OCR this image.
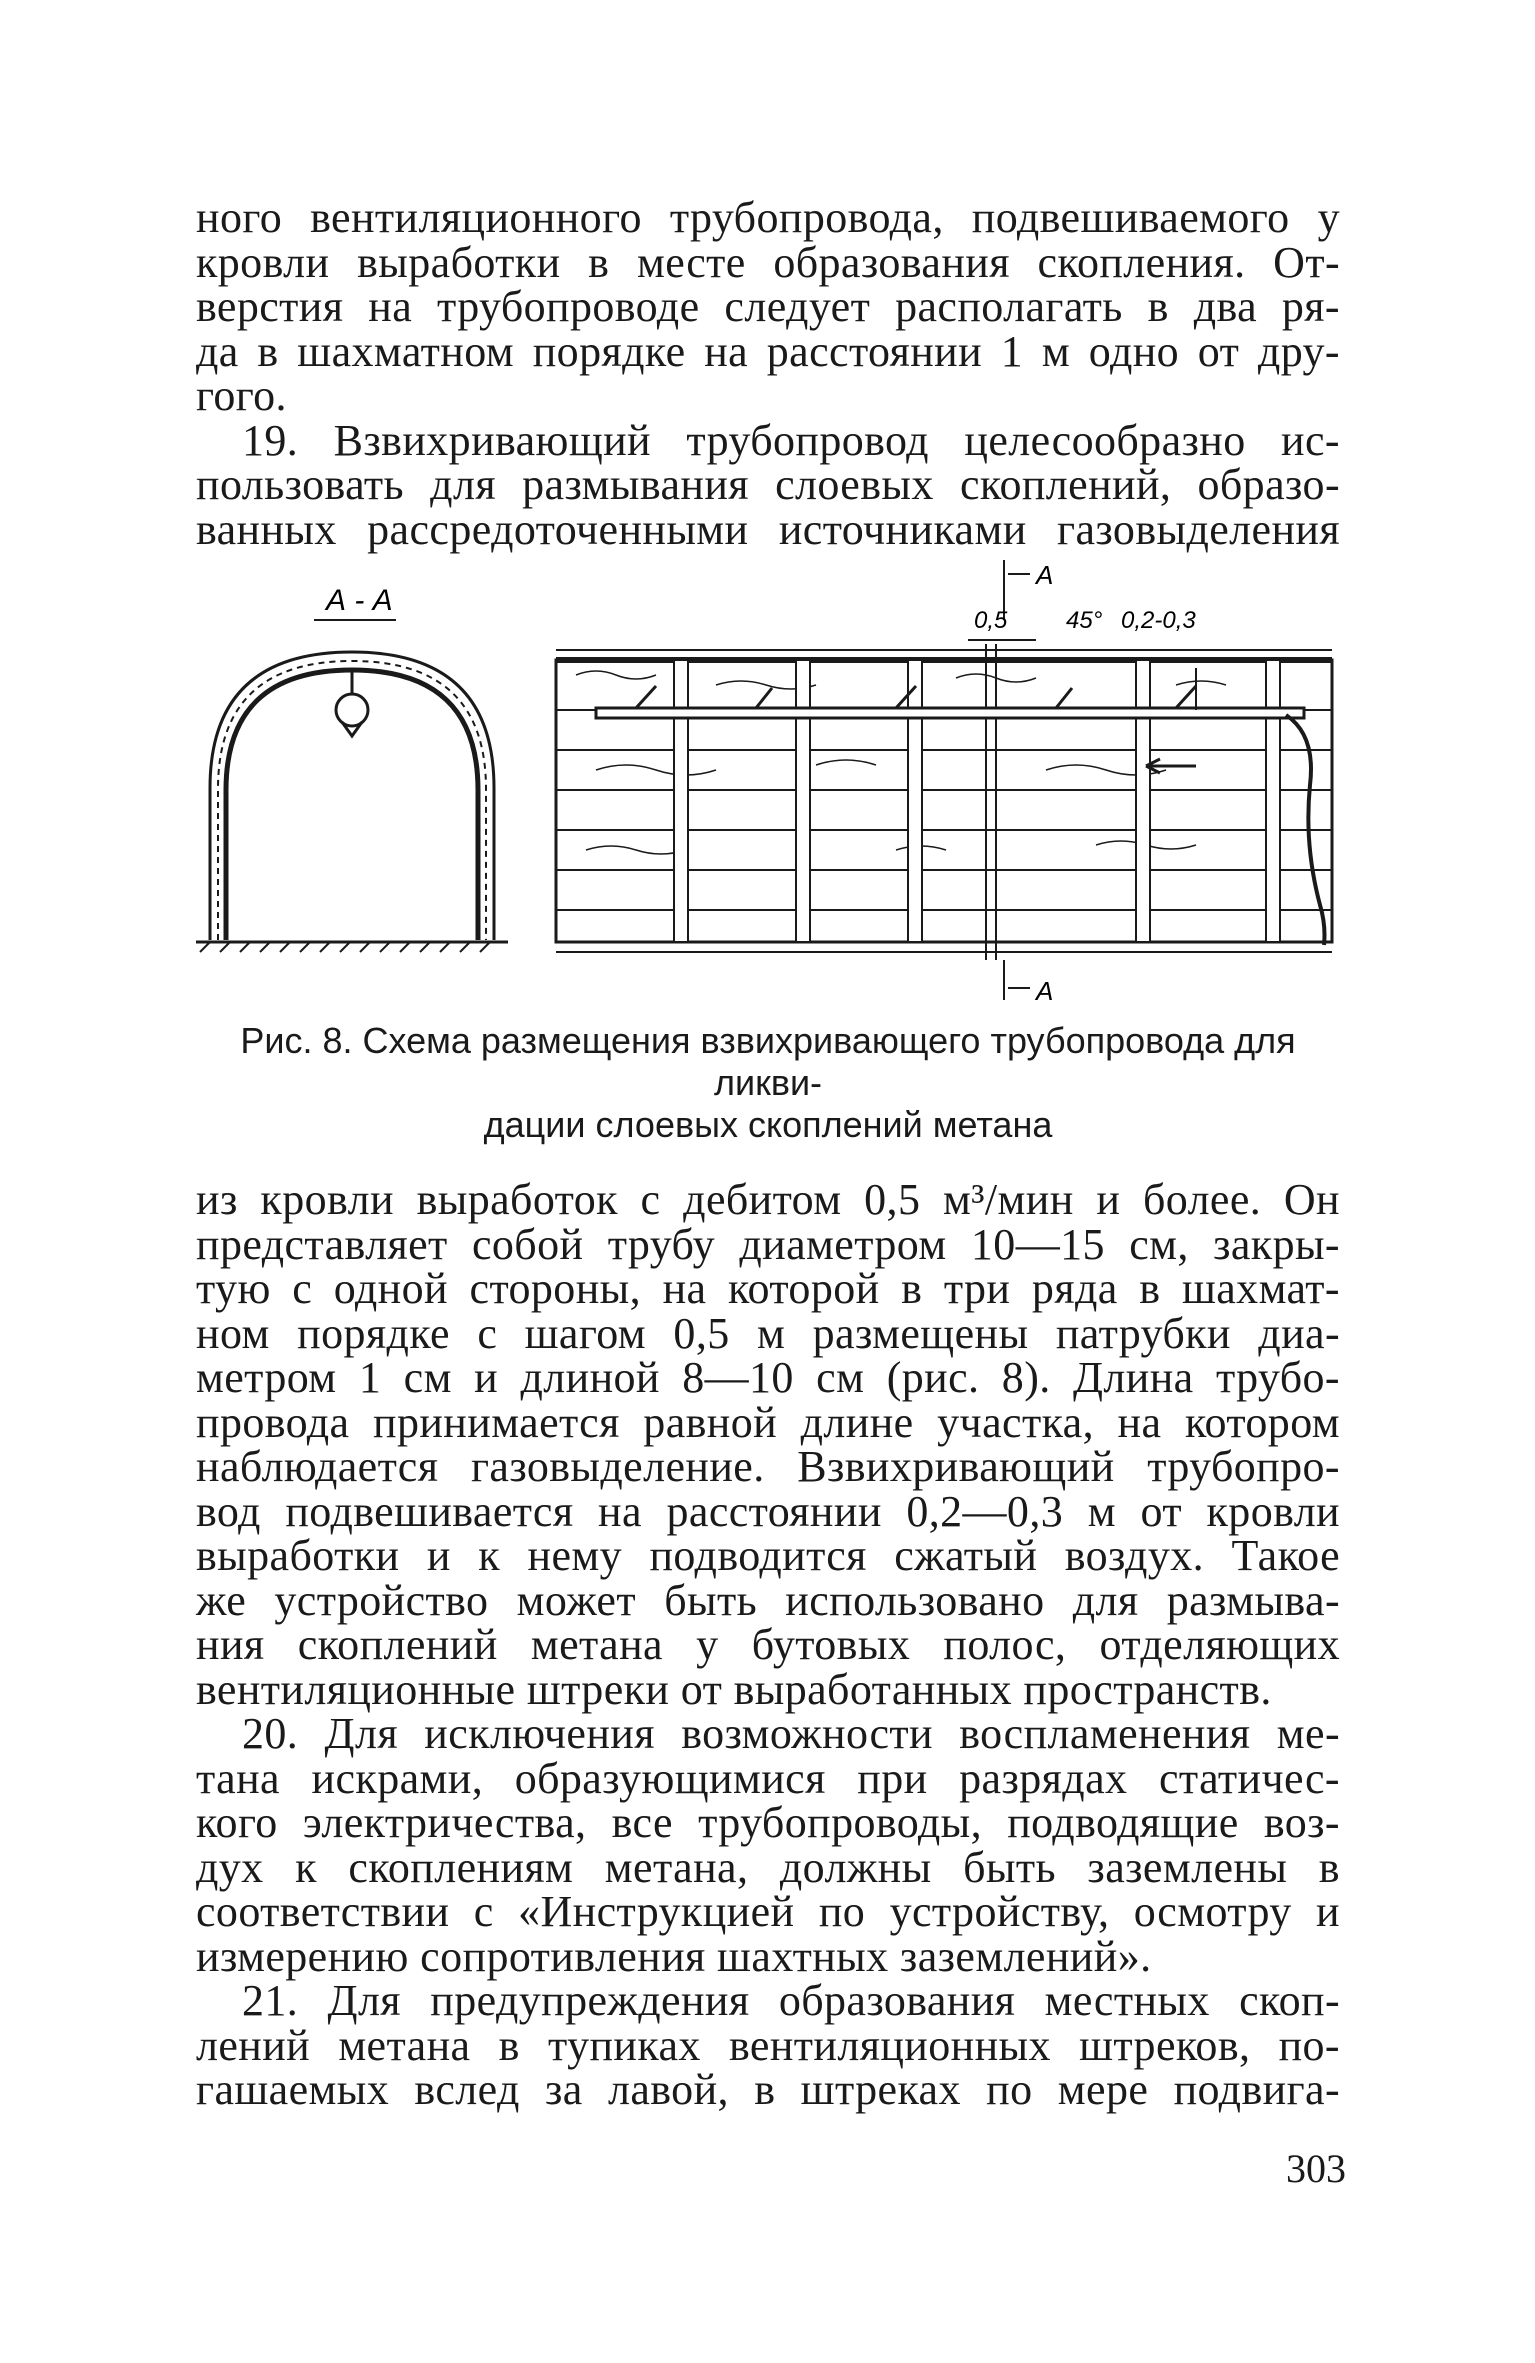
ного вентиляционного трубопровода, подвешиваемого у
кровли выработки в месте образования скопления. От-
верстия на трубопроводе следует располагать в два ря-
да в шахматном порядке на расстоянии 1 м одно от дру-
гого.

19. Взвихривающий трубопровод целесообразно ис-
пользовать для размывания слоевых скоплений, образо-
ванных рассредоточенными источниками газовыделения

А - А
А
А
0,5 45° 0,2-0,3
Рис. 8. Схема размещения взвихривающего трубопровода для ликви-
дации слоевых скоплений метана

из кровли выработок с дебитом 0,5 м³/мин и более. Он
представляет собой трубу диаметром 10—15 см, закры-
тую с одной стороны, на которой в три ряда в шахмат-
ном порядке с шагом 0,5 м размещены патрубки диа-
метром 1 см и длиной 8—10 см (рис. 8). Длина трубо-
провода принимается равной длине участка, на котором
наблюдается газовыделение. Взвихривающий трубопро-
вод подвешивается на расстоянии 0,2—0,3 м от кровли
выработки и к нему подводится сжатый воздух. Такое
же устройство может быть использовано для размыва-
ния скоплений метана у бутовых полос, отделяющих
вентиляционные штреки от выработанных пространств.

20. Для исключения возможности воспламенения ме-
тана искрами, образующимися при разрядах статичес-
кого электричества, все трубопроводы, подводящие воз-
дух к скоплениям метана, должны быть заземлены в
соответствии с «Инструкцией по устройству, осмотру и
измерению сопротивления шахтных заземлений».

21. Для предупреждения образования местных скоп-
лений метана в тупиках вентиляционных штреков, по-
гашаемых вслед за лавой, в штреках по мере подвига-

303
